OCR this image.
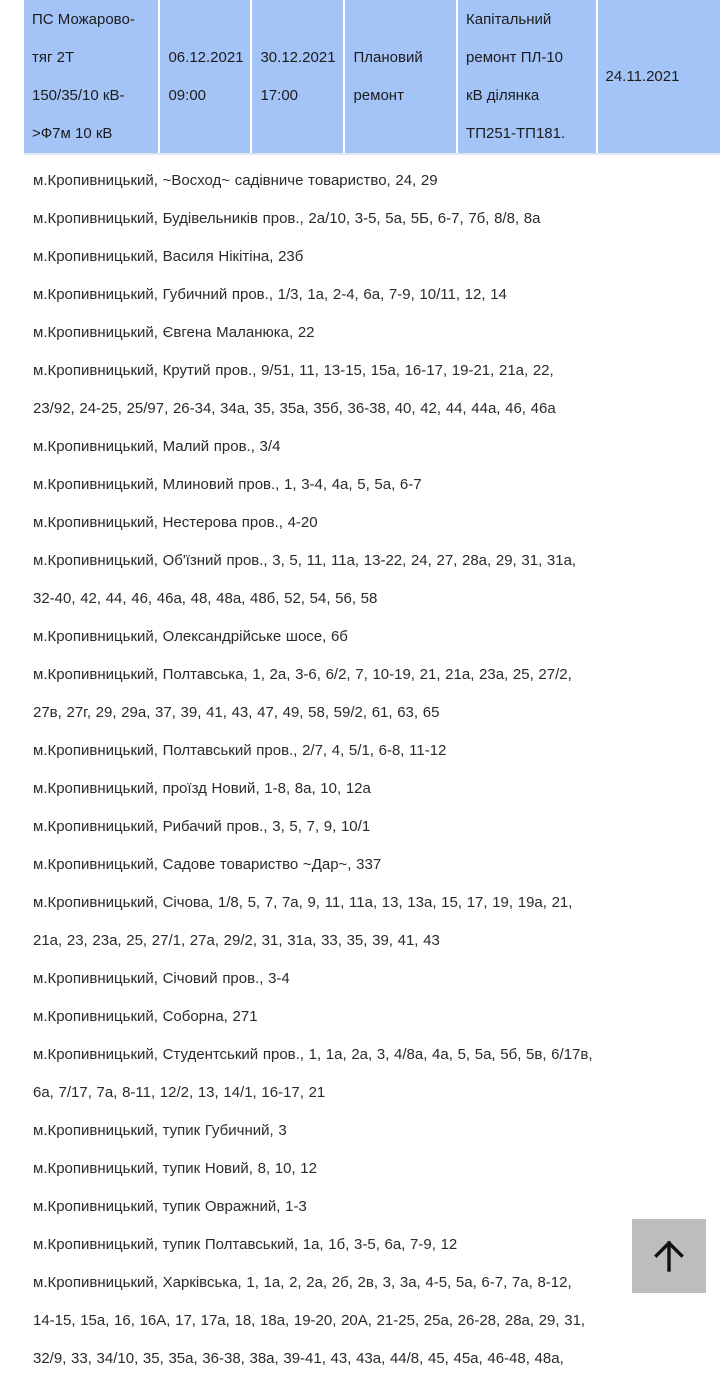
ПС Можарово-
тяг 2Т
150/35/10 кВ-
>Ф7м 10 кВ
06.12.2021
09:00
30.12.2021
17:00
Плановий
ремонт
Капітальний
ремонт ПЛ-10
кВ ділянка
ТП251-ТП181.
24.11.2021
м.Кропивницький, ~Восход~ садівниче товариство, 24, 29
м.Кропивницький, Будівельників пров., 2а/10, 3-5, 5а, 5Б, 6-7, 7б, 8/8, 8а
м.Кропивницький, Василя Нікітіна, 23б
м.Кропивницький, Губичний пров., 1/3, 1а, 2-4, 6а, 7-9, 10/11, 12, 14
м.Кропивницький, Євгена Маланюка, 22
м.Кропивницький, Крутий пров., 9/51, 11, 13-15, 15а, 16-17, 19-21, 21а, 22, 23/92, 24-25, 25/97, 26-34, 34а, 35, 35а, 35б, 36-38, 40, 42, 44, 44а, 46, 46а
м.Кропивницький, Малий пров., 3/4
м.Кропивницький, Млиновий пров., 1, 3-4, 4а, 5, 5а, 6-7
м.Кропивницький, Нестерова пров., 4-20
м.Кропивницький, Об'їзний пров., 3, 5, 11, 11а, 13-22, 24, 27, 28а, 29, 31, 31а, 32-40, 42, 44, 46, 46а, 48, 48а, 48б, 52, 54, 56, 58
м.Кропивницький, Олександрійське шосе, 6б
м.Кропивницький, Полтавська, 1, 2а, 3-6, 6/2, 7, 10-19, 21, 21а, 23а, 25, 27/2, 27в, 27г, 29, 29а, 37, 39, 41, 43, 47, 49, 58, 59/2, 61, 63, 65
м.Кропивницький, Полтавський пров., 2/7, 4, 5/1, 6-8, 11-12
м.Кропивницький, проїзд Новий, 1-8, 8а, 10, 12а
м.Кропивницький, Рибачий пров., 3, 5, 7, 9, 10/1
м.Кропивницький, Садове товариство ~Дар~, 337
м.Кропивницький, Січова, 1/8, 5, 7, 7а, 9, 11, 11а, 13, 13а, 15, 17, 19, 19а, 21, 21а, 23, 23а, 25, 27/1, 27а, 29/2, 31, 31а, 33, 35, 39, 41, 43
м.Кропивницький, Січовий пров., 3-4
м.Кропивницький, Соборна, 271
м.Кропивницький, Студентський пров., 1, 1а, 2а, 3, 4/8а, 4а, 5, 5а, 5б, 5в, 6/17в, 6а, 7/17, 7а, 8-11, 12/2, 13, 14/1, 16-17, 21
м.Кропивницький, тупик Губичний, 3
м.Кропивницький, тупик Новий, 8, 10, 12
м.Кропивницький, тупик Овражний, 1-3
м.Кропивницький, тупик Полтавський, 1а, 1б, 3-5, 6а, 7-9, 12
м.Кропивницький, Харківська, 1, 1а, 2, 2а, 2б, 2в, 3, 3а, 4-5, 5а, 6-7, 7а, 8-12, 14-15, 15а, 16, 16А, 17, 17а, 18, 18а, 19-20, 20А, 21-25, 25а, 26-28, 28а, 29, 31, 32/9, 33, 34/10, 35, 35а, 36-38, 38а, 39-41, 43, 43а, 44/8, 45, 45а, 46-48, 48а,
